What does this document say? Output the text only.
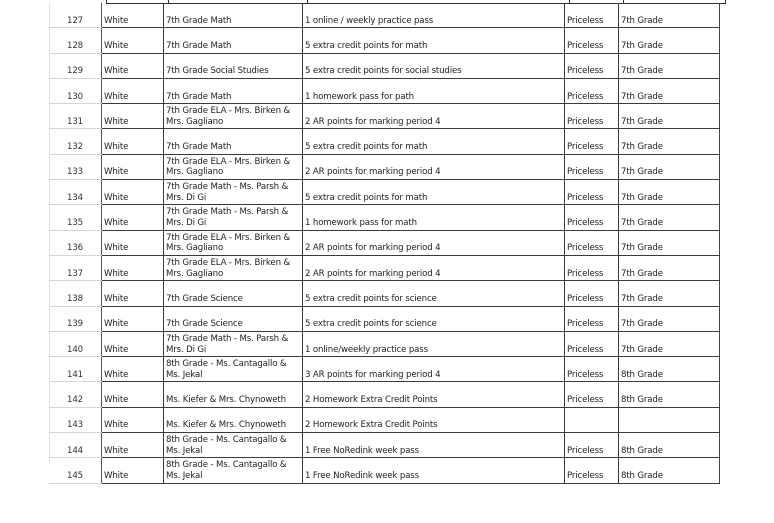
127	White	7th Grade Math	1 online / weekly practice pass	Priceless	7th Grade
128	White	7th Grade Math	5 extra credit points for math	Priceless	7th Grade
129	White	7th Grade Social Studies	5 extra credit points for social studies	Priceless	7th Grade
130	White	7th Grade Math	1 homework pass for path	Priceless	7th Grade
131	White	7th Grade ELA - Mrs. Birken & Mrs. Gagliano	2 AR points for marking period 4	Priceless	7th Grade
132	White	7th Grade Math	5 extra credit points for math	Priceless	7th Grade
133	White	7th Grade ELA - Mrs. Birken & Mrs. Gagliano	2 AR points for marking period 4	Priceless	7th Grade
134	White	7th Grade Math - Ms. Parsh & Mrs. Di Gi	5 extra credit points for math	Priceless	7th Grade
135	White	7th Grade Math - Ms. Parsh & Mrs. Di Gi	1 homework pass for math	Priceless	7th Grade
136	White	7th Grade ELA - Mrs. Birken & Mrs. Gagliano	2 AR points for marking period 4	Priceless	7th Grade
137	White	7th Grade ELA - Mrs. Birken & Mrs. Gagliano	2 AR points for marking period 4	Priceless	7th Grade
138	White	7th Grade Science	5 extra credit points for science	Priceless	7th Grade
139	White	7th Grade Science	5 extra credit points for science	Priceless	7th Grade
140	White	7th Grade Math - Ms. Parsh & Mrs. Di Gi	1 online/weekly practice pass	Priceless	7th Grade
141	White	8th Grade - Ms. Cantagallo & Ms. Jekal	3 AR points for marking period 4	Priceless	8th Grade
142	White	Ms. Kiefer & Mrs. Chynoweth	2 Homework Extra Credit Points	Priceless	8th Grade
143	White	Ms. Kiefer & Mrs. Chynoweth	2 Homework Extra Credit Points		
144	White	8th Grade - Ms. Cantagallo & Ms. Jekal	1 Free NoRedink week pass	Priceless	8th Grade
145	White	8th Grade - Ms. Cantagallo & Ms. Jekal	1 Free NoRedink week pass	Priceless	8th Grade
